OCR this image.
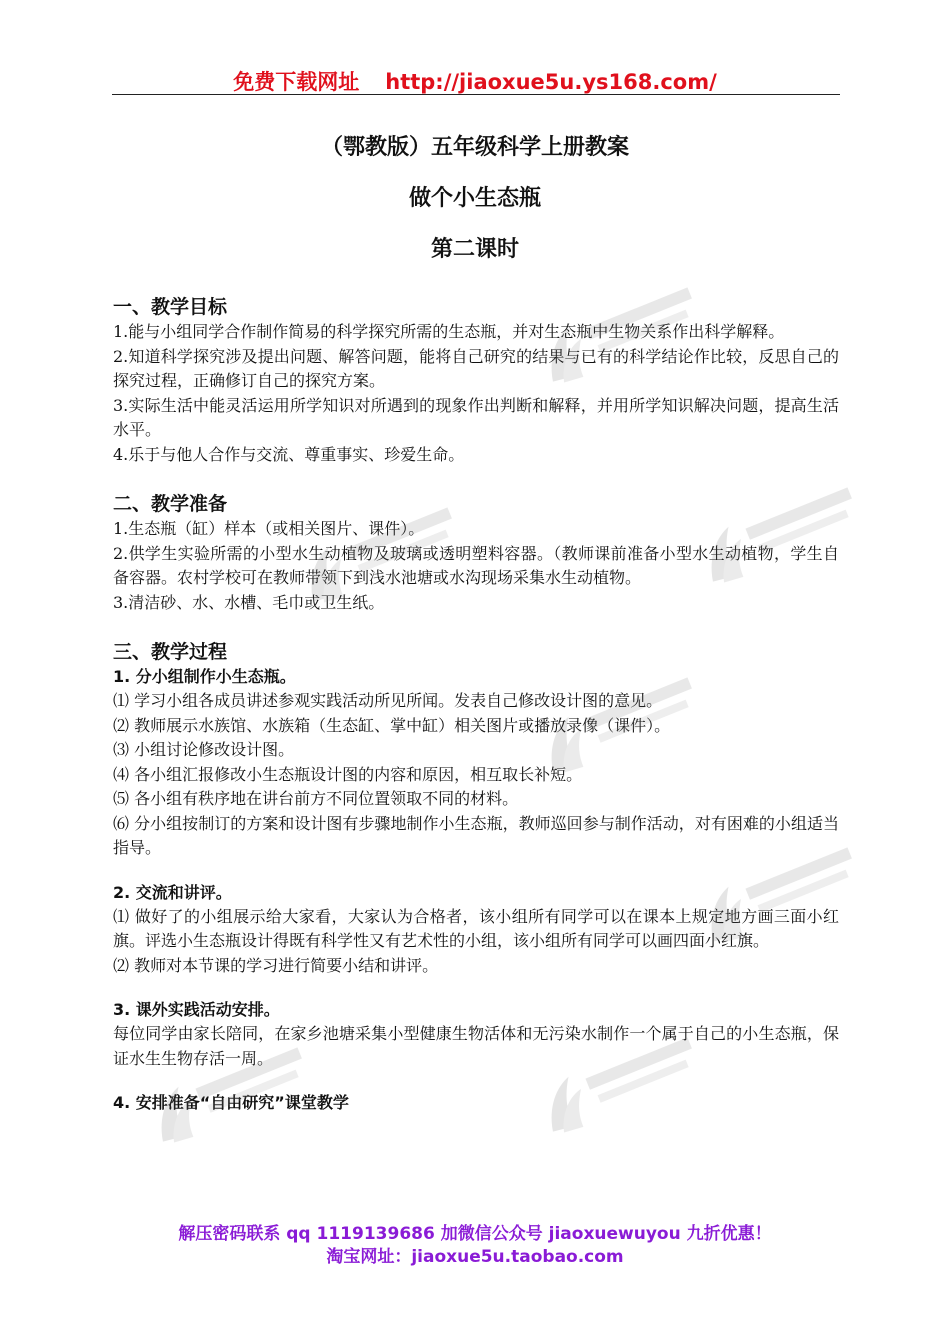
免费下载网址 http://jiaoxue5u.ys168.com/
（鄂教版）五年级科学上册教案
做个小生态瓶
第二课时

一、教学目标

1.能与小组同学合作制作简易的科学探究所需的生态瓶，并对生态瓶中生物关系作出科学解释。

2.知道科学探究涉及提出问题、解答问题，能将自己研究的结果与已有的科学结论作比较，反思自己的探究过程，正确修订自己的探究方案。

3.实际生活中能灵活运用所学知识对所遇到的现象作出判断和解释，并用所学知识解决问题，提高生活水平。

4.乐于与他人合作与交流、尊重事实、珍爱生命。

二、教学准备

1.生态瓶（缸）样本（或相关图片、课件）。

2.供学生实验所需的小型水生动植物及玻璃或透明塑料容器。（教师课前准备小型水生动植物，学生自备容器。农村学校可在教师带领下到浅水池塘或水沟现场采集水生动植物。

3.清洁砂、水、水槽、毛巾或卫生纸。

三、教学过程

1. 分小组制作小生态瓶。

⑴ 学习小组各成员讲述参观实践活动所见所闻。发表自己修改设计图的意见。

⑵ 教师展示水族馆、水族箱（生态缸、掌中缸）相关图片或播放录像（课件）。

⑶ 小组讨论修改设计图。

⑷ 各小组汇报修改小生态瓶设计图的内容和原因，相互取长补短。

⑸ 各小组有秩序地在讲台前方不同位置领取不同的材料。

⑹ 分小组按制订的方案和设计图有步骤地制作小生态瓶，教师巡回参与制作活动，对有困难的小组适当指导。

2. 交流和讲评。

⑴ 做好了的小组展示给大家看，大家认为合格者，该小组所有同学可以在课本上规定地方画三面小红旗。评选小生态瓶设计得既有科学性又有艺术性的小组，该小组所有同学可以画四面小红旗。

⑵ 教师对本节课的学习进行简要小结和讲评。

3. 课外实践活动安排。

每位同学由家长陪同，在家乡池塘采集小型健康生物活体和无污染水制作一个属于自己的小生态瓶，保证水生生物存活一周。

4. 安排准备“自由研究”课堂教学

解压密码联系 qq 1119139686 加微信公众号 jiaoxuewuyou 九折优惠！
淘宝网址：jiaoxue5u.taobao.com
